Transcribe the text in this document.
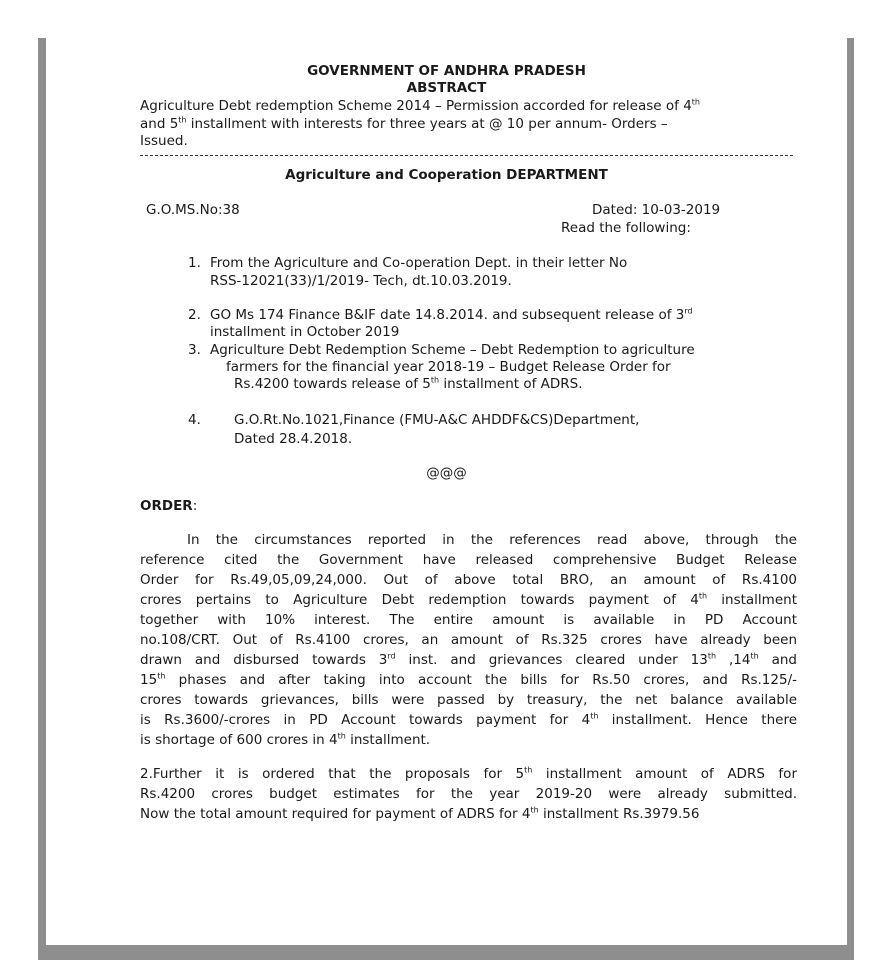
GOVERNMENT OF ANDHRA PRADESH
ABSTRACT
Agriculture Debt redemption Scheme 2014 – Permission accorded for release of 4th
and 5th installment with interests for three years at @ 10 per annum- Orders –
Issued.
Agriculture and Cooperation DEPARTMENT
G.O.MS.No:38	Dated: 10-03-2019
Read the following:
1. From the Agriculture and Co-operation Dept. in their letter No
RSS-12021(33)/1/2019- Tech, dt.10.03.2019.
2. GO Ms 174 Finance B&IF date 14.8.2014. and subsequent release of 3rd
installment in October 2019
3. Agriculture Debt Redemption Scheme – Debt Redemption to agriculture
farmers for the financial year 2018-19 – Budget Release Order for
Rs.4200 towards release of 5th installment of ADRS.
4. G.O.Rt.No.1021,Finance (FMU-A&C AHDDF&CS)Department,
Dated 28.4.2018.
@@@
ORDER:
In the circumstances reported in the references read above, through the
reference cited the Government have released comprehensive Budget Release
Order for Rs.49,05,09,24,000. Out of above total BRO, an amount of Rs.4100
crores pertains to Agriculture Debt redemption towards payment of 4th installment
together with 10% interest. The entire amount is available in PD Account
no.108/CRT. Out of Rs.4100 crores, an amount of Rs.325 crores have already been
drawn and disbursed towards 3rd inst. and grievances cleared under 13th ,14th and
15th phases and after taking into account the bills for Rs.50 crores, and Rs.125/-
crores towards grievances, bills were passed by treasury, the net balance available
is Rs.3600/-crores in PD Account towards payment for 4th installment. Hence there
is shortage of 600 crores in 4th installment.
2.Further it is ordered that the proposals for 5th installment amount of ADRS for
Rs.4200 crores budget estimates for the year 2019-20 were already submitted.
Now the total amount required for payment of ADRS for 4th installment Rs.3979.56
